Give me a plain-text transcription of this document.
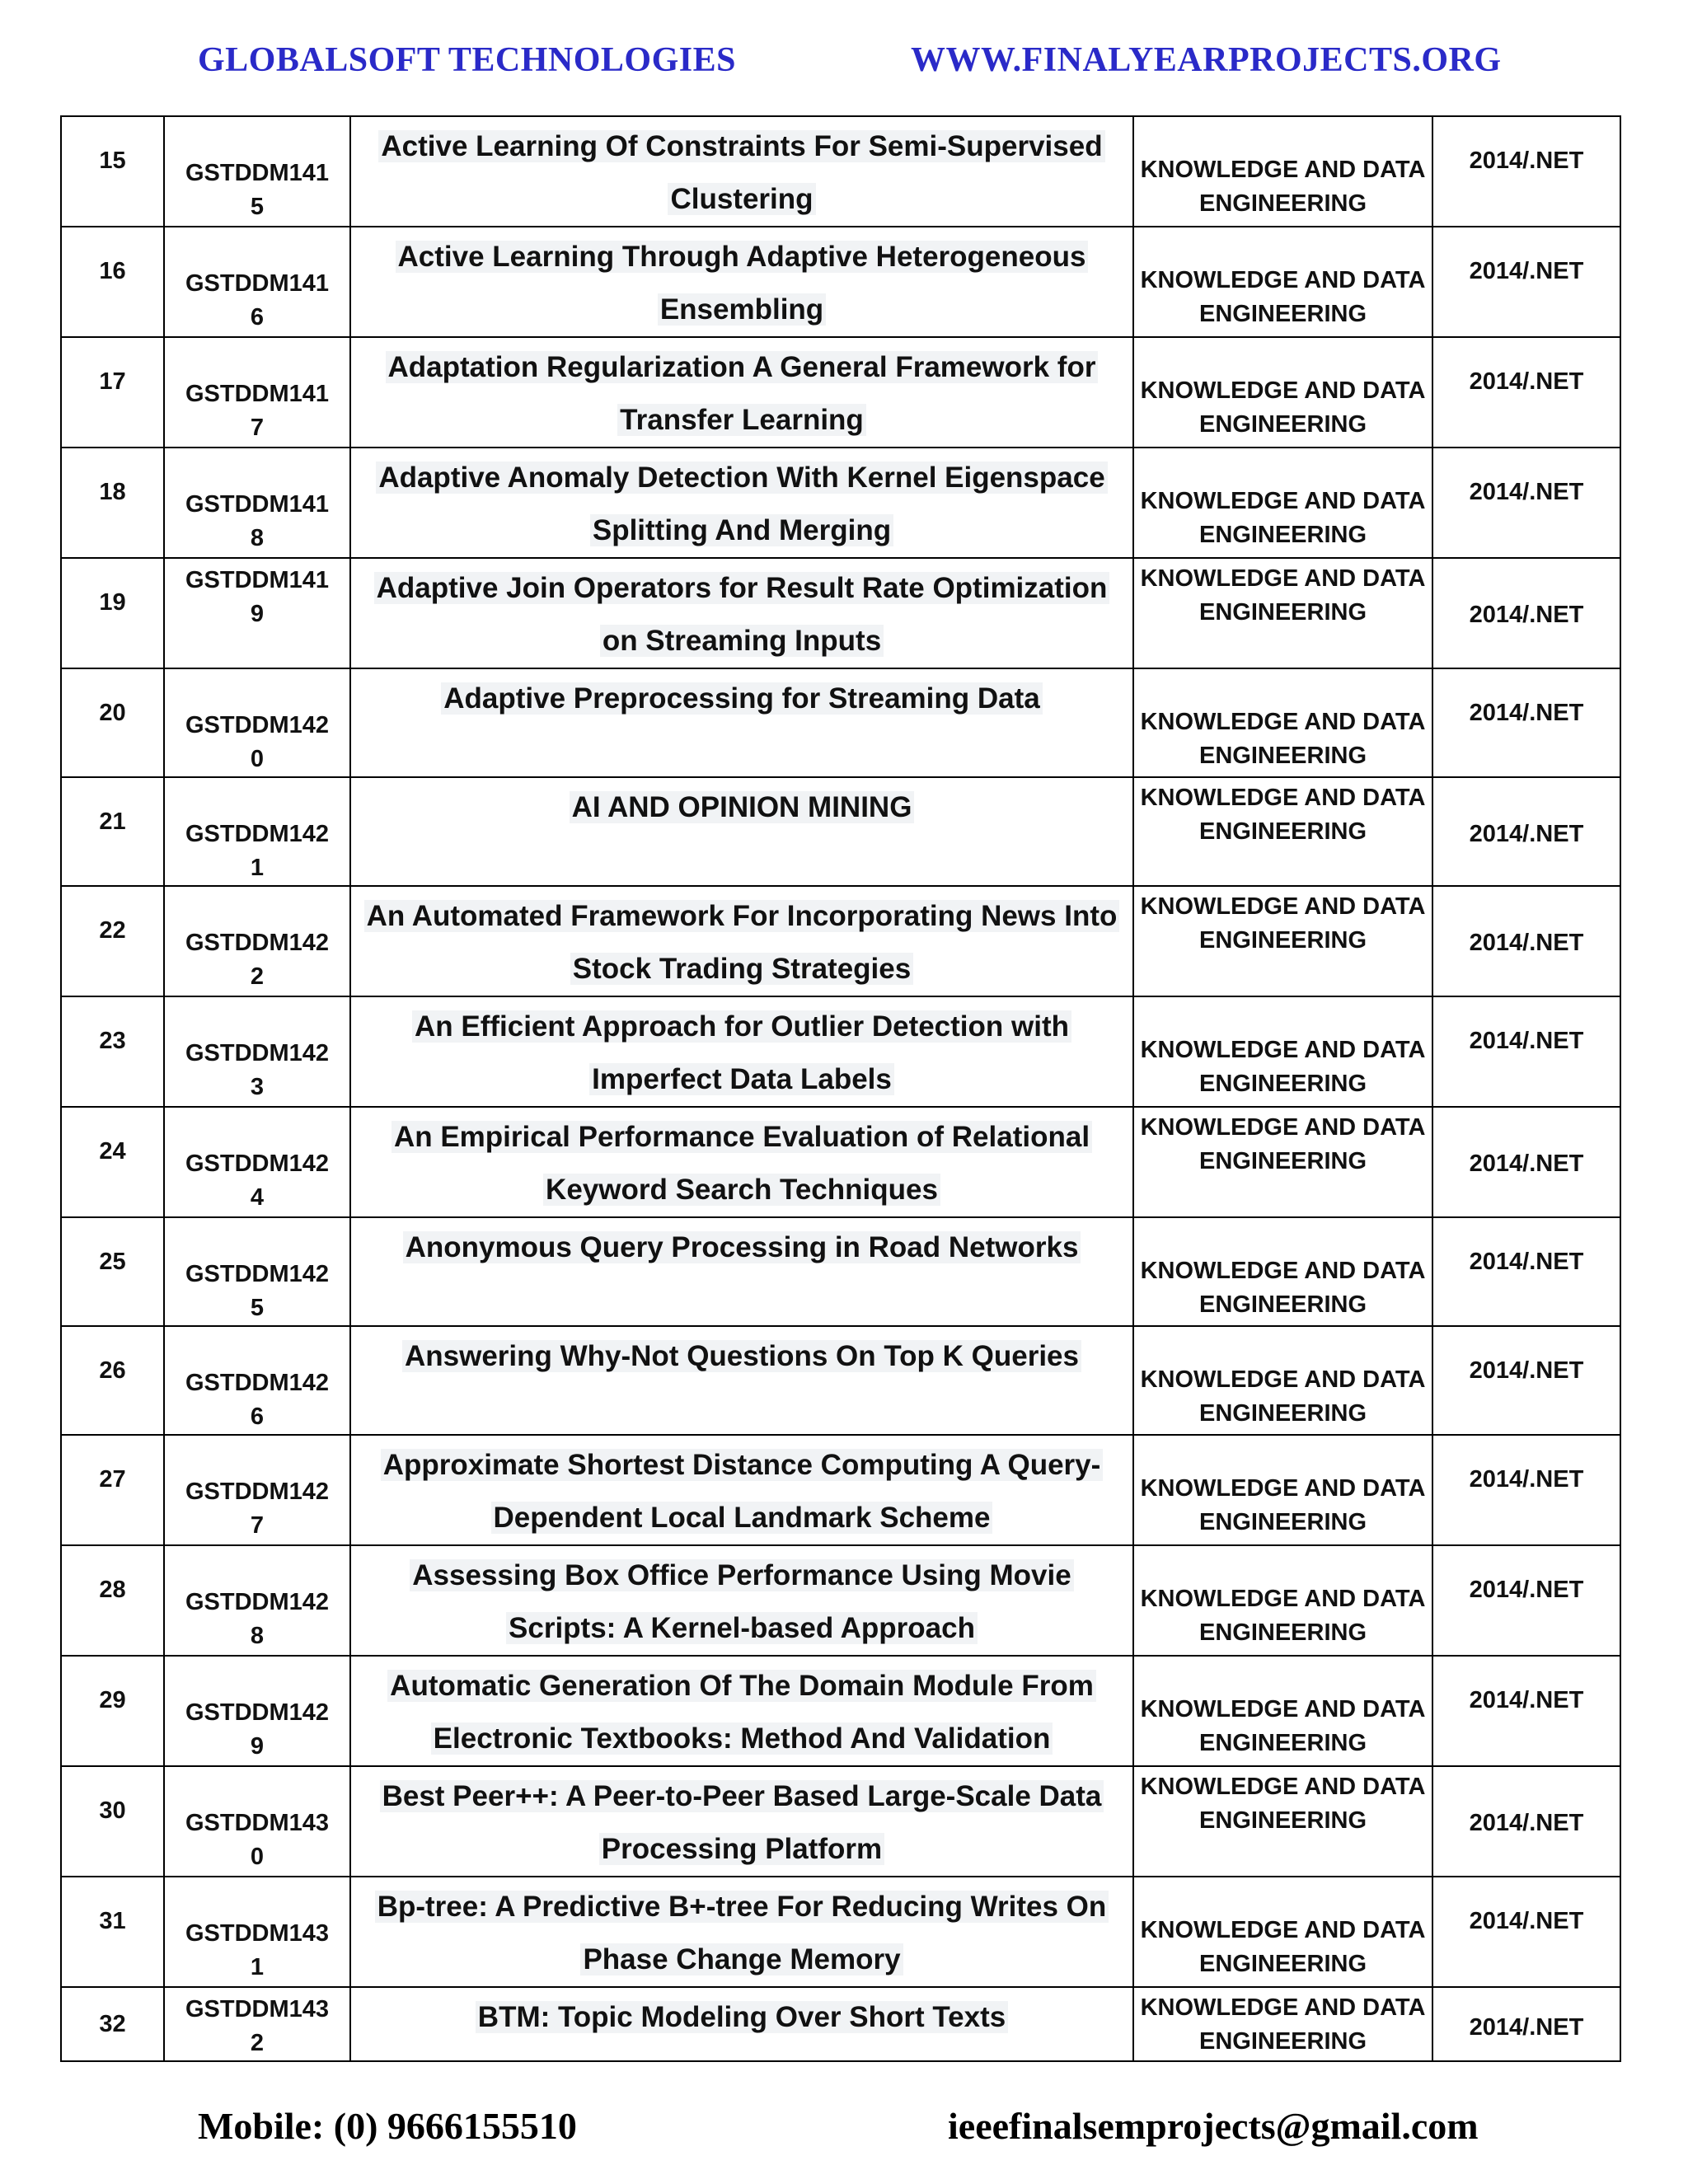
GLOBALSOFT TECHNOLOGIES	WWW.FINALYEARPROJECTS.ORG
15	GSTDDM1415	Active Learning Of Constraints For Semi-Supervised Clustering	KNOWLEDGE AND DATA ENGINEERING	2014/.NET

16	GSTDDM1416	Active Learning Through Adaptive Heterogeneous Ensembling	KNOWLEDGE AND DATA ENGINEERING	2014/.NET

17	GSTDDM1417	Adaptation Regularization A General Framework for Transfer Learning	KNOWLEDGE AND DATA ENGINEERING	2014/.NET

18	GSTDDM1418	Adaptive Anomaly Detection With Kernel Eigenspace Splitting And Merging	KNOWLEDGE AND DATA ENGINEERING	2014/.NET

19	GSTDDM1419	Adaptive Join Operators for Result Rate Optimization on Streaming Inputs	KNOWLEDGE AND DATA ENGINEERING	2014/.NET

20	GSTDDM1420	Adaptive Preprocessing for Streaming Data	KNOWLEDGE AND DATA ENGINEERING	2014/.NET

21	GSTDDM1421	AI AND OPINION MINING	KNOWLEDGE AND DATA ENGINEERING	2014/.NET

22	GSTDDM1422	An Automated Framework For Incorporating News Into Stock Trading Strategies	KNOWLEDGE AND DATA ENGINEERING	2014/.NET

23	GSTDDM1423	An Efficient Approach for Outlier Detection with Imperfect Data Labels	KNOWLEDGE AND DATA ENGINEERING	2014/.NET

24	GSTDDM1424	An Empirical Performance Evaluation of Relational Keyword Search Techniques	KNOWLEDGE AND DATA ENGINEERING	2014/.NET

25	GSTDDM1425	Anonymous Query Processing in Road Networks	KNOWLEDGE AND DATA ENGINEERING	2014/.NET

26	GSTDDM1426	Answering Why-Not Questions On Top K Queries	KNOWLEDGE AND DATA ENGINEERING	2014/.NET

27	GSTDDM1427	Approximate Shortest Distance Computing A Query-Dependent Local Landmark Scheme	KNOWLEDGE AND DATA ENGINEERING	2014/.NET

28	GSTDDM1428	Assessing Box Office Performance Using Movie Scripts: A Kernel-based Approach	KNOWLEDGE AND DATA ENGINEERING	2014/.NET

29	GSTDDM1429	Automatic Generation Of The Domain Module From Electronic Textbooks: Method And Validation	KNOWLEDGE AND DATA ENGINEERING	2014/.NET

30	GSTDDM1430	Best Peer++: A Peer-to-Peer Based Large-Scale Data Processing Platform	KNOWLEDGE AND DATA ENGINEERING	2014/.NET

31	GSTDDM1431	Bp-tree: A Predictive B+-tree For Reducing Writes On Phase Change Memory	KNOWLEDGE AND DATA ENGINEERING	2014/.NET

32	GSTDDM1432	BTM: Topic Modeling Over Short Texts	KNOWLEDGE AND DATA ENGINEERING	2014/.NET
Mobile: (0) 9666155510	ieeefinalsemprojects@gmail.com
